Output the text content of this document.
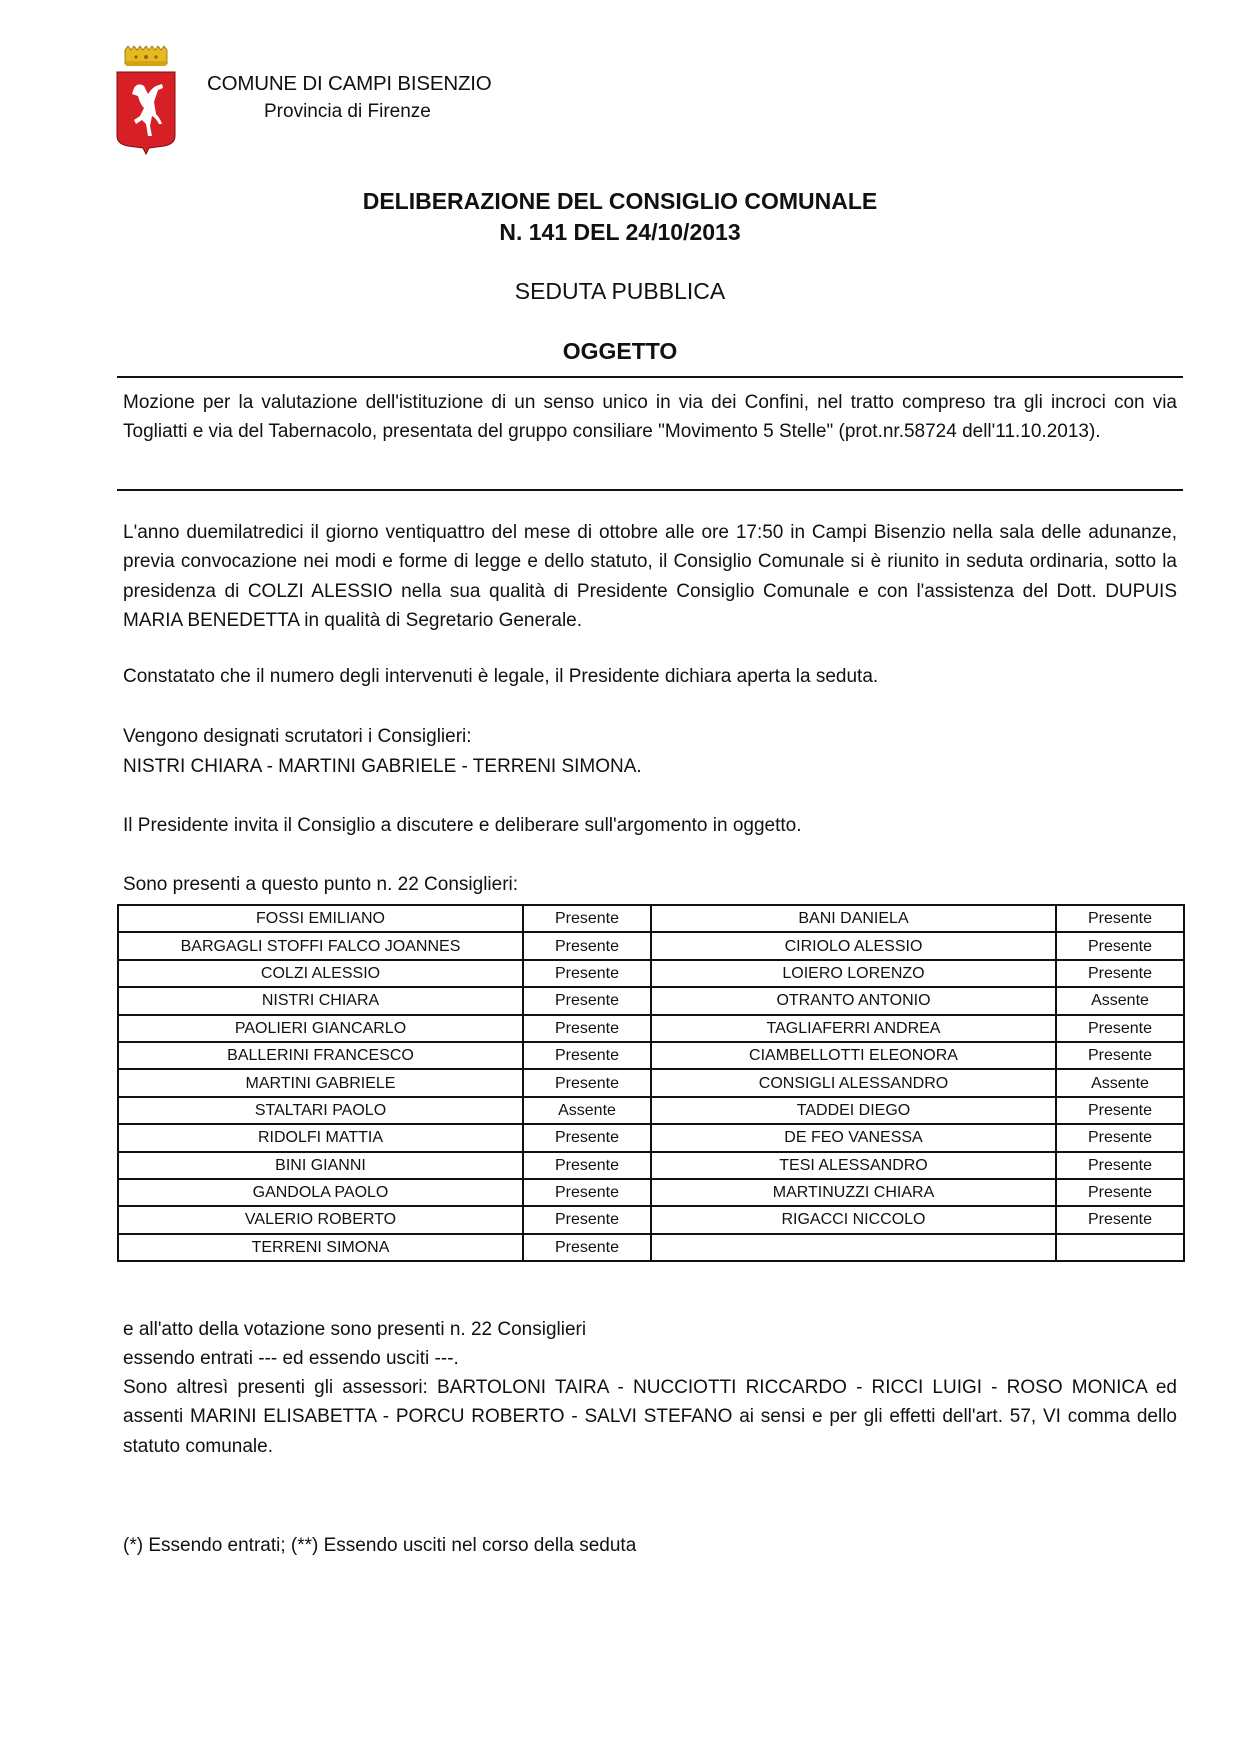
COMUNE DI CAMPI BISENZIO
Provincia di Firenze
DELIBERAZIONE DEL CONSIGLIO COMUNALE
N. 141 DEL 24/10/2013
SEDUTA PUBBLICA
OGGETTO
Mozione per la valutazione dell'istituzione di un senso unico in via dei Confini, nel tratto compreso tra gli incroci con via Togliatti e via del Tabernacolo, presentata del gruppo consiliare "Movimento 5 Stelle" (prot.nr.58724 dell'11.10.2013).
L'anno duemilatredici il giorno ventiquattro del mese di ottobre alle ore 17:50 in Campi Bisenzio nella sala delle adunanze, previa convocazione nei modi e forme di legge e dello statuto, il Consiglio Comunale si è riunito in seduta ordinaria, sotto la presidenza di COLZI ALESSIO nella sua qualità di Presidente Consiglio Comunale e con l'assistenza del Dott. DUPUIS MARIA BENEDETTA in qualità di Segretario Generale.
Constatato che il numero degli intervenuti è legale, il Presidente dichiara aperta la seduta.
Vengono designati scrutatori i Consiglieri:
NISTRI CHIARA - MARTINI GABRIELE - TERRENI SIMONA.
Il Presidente invita il Consiglio a discutere e deliberare sull'argomento in oggetto.
Sono presenti a questo punto n. 22 Consiglieri:
FOSSI EMILIANO	Presente	BANI DANIELA	Presente
BARGAGLI STOFFI FALCO JOANNES	Presente	CIRIOLO ALESSIO	Presente
COLZI ALESSIO	Presente	LOIERO LORENZO	Presente
NISTRI CHIARA	Presente	OTRANTO ANTONIO	Assente
PAOLIERI GIANCARLO	Presente	TAGLIAFERRI ANDREA	Presente
BALLERINI FRANCESCO	Presente	CIAMBELLOTTI ELEONORA	Presente
MARTINI GABRIELE	Presente	CONSIGLI ALESSANDRO	Assente
STALTARI PAOLO	Assente	TADDEI DIEGO	Presente
RIDOLFI MATTIA	Presente	DE FEO VANESSA	Presente
BINI GIANNI	Presente	TESI ALESSANDRO	Presente
GANDOLA PAOLO	Presente	MARTINUZZI CHIARA	Presente
VALERIO ROBERTO	Presente	RIGACCI NICCOLO	Presente
TERRENI SIMONA	Presente		
e all'atto della votazione sono presenti n. 22 Consiglieri
essendo entrati --- ed essendo usciti ---.
Sono altresì presenti gli assessori: BARTOLONI TAIRA - NUCCIOTTI RICCARDO - RICCI LUIGI - ROSO MONICA ed assenti MARINI ELISABETTA - PORCU ROBERTO - SALVI STEFANO ai sensi e per gli effetti dell'art. 57, VI comma dello statuto comunale.
(*) Essendo entrati; (**) Essendo usciti nel corso della seduta
